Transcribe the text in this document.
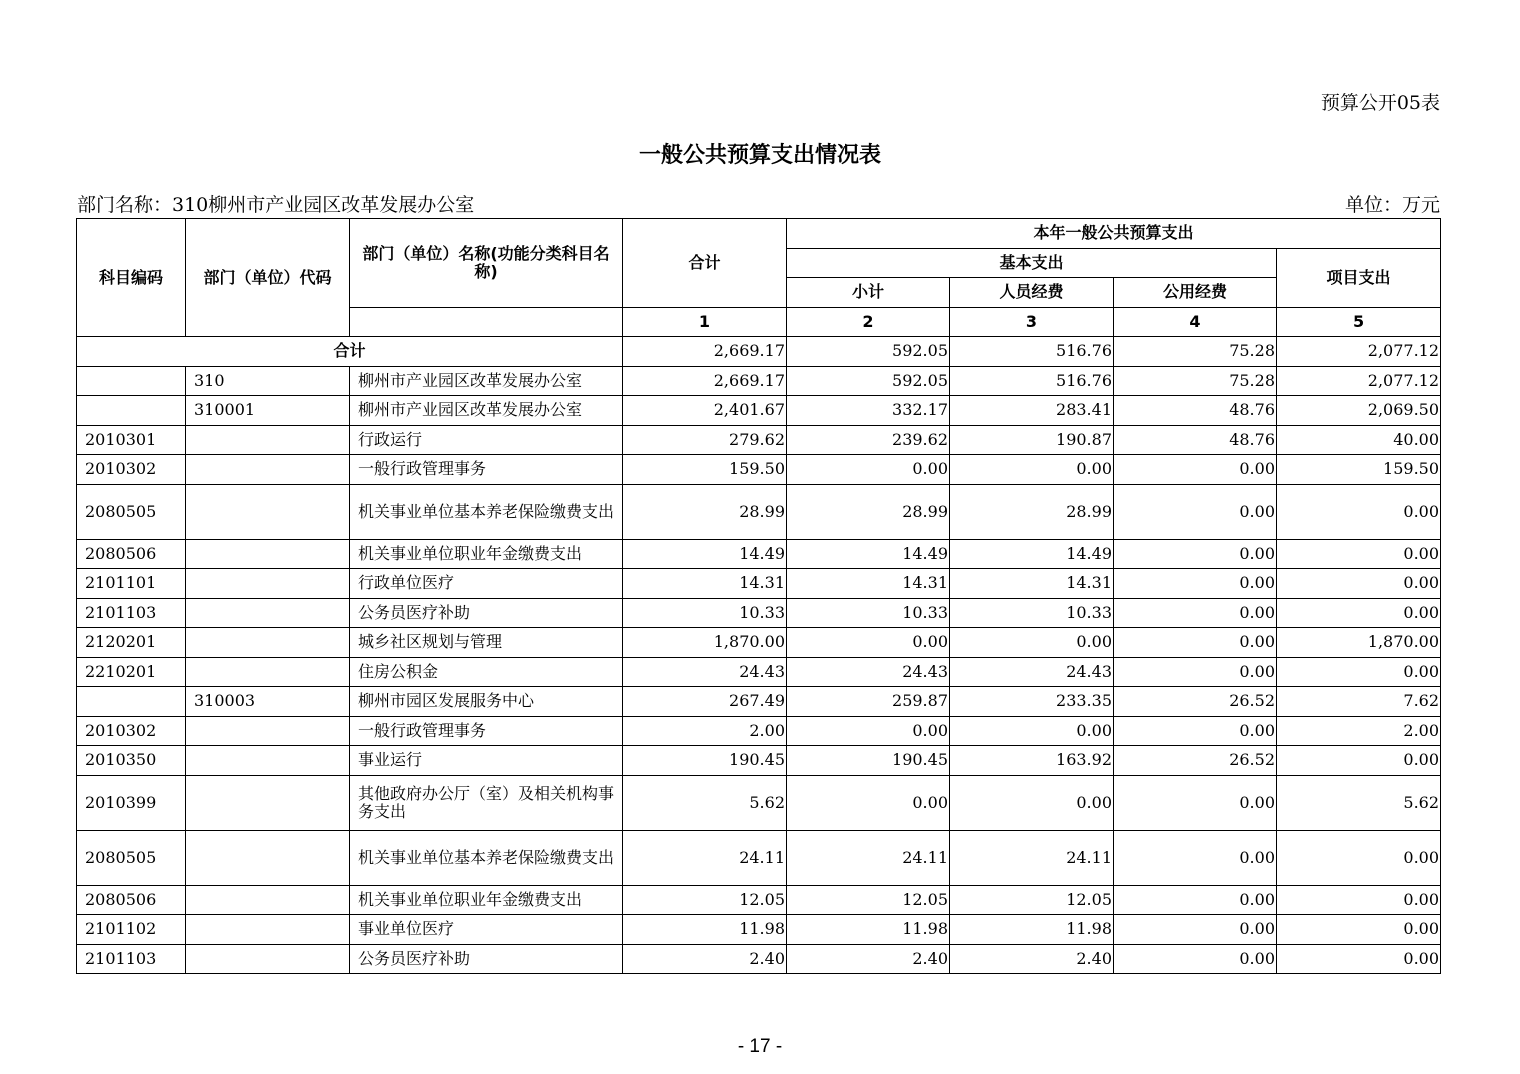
预算公开05表
一般公共预算支出情况表
部门名称：310柳州市产业园区改革发展办公室	单位：万元
科目编码	部门（单位）代码	部门（单位）名称(功能分类科目名称)	合计	本年一般公共预算支出			
				基本支出			项目支出
				小计	人员经费	公用经费	
			1	2	3	4	5
合计			2,669.17	592.05	516.76	75.28	2,077.12
	310	柳州市产业园区改革发展办公室	2,669.17	592.05	516.76	75.28	2,077.12
	310001	柳州市产业园区改革发展办公室	2,401.67	332.17	283.41	48.76	2,069.50
2010301		行政运行	279.62	239.62	190.87	48.76	40.00
2010302		一般行政管理事务	159.50	0.00	0.00	0.00	159.50
2080505		机关事业单位基本养老保险缴费支出	28.99	28.99	28.99	0.00	0.00
2080506		机关事业单位职业年金缴费支出	14.49	14.49	14.49	0.00	0.00
2101101		行政单位医疗	14.31	14.31	14.31	0.00	0.00
2101103		公务员医疗补助	10.33	10.33	10.33	0.00	0.00
2120201		城乡社区规划与管理	1,870.00	0.00	0.00	0.00	1,870.00
2210201		住房公积金	24.43	24.43	24.43	0.00	0.00
	310003	柳州市园区发展服务中心	267.49	259.87	233.35	26.52	7.62
2010302		一般行政管理事务	2.00	0.00	0.00	0.00	2.00
2010350		事业运行	190.45	190.45	163.92	26.52	0.00
2010399		其他政府办公厅（室）及相关机构事务支出	5.62	0.00	0.00	0.00	5.62
2080505		机关事业单位基本养老保险缴费支出	24.11	24.11	24.11	0.00	0.00
2080506		机关事业单位职业年金缴费支出	12.05	12.05	12.05	0.00	0.00
2101102		事业单位医疗	11.98	11.98	11.98	0.00	0.00
2101103		公务员医疗补助	2.40	2.40	2.40	0.00	0.00
- 17 -
